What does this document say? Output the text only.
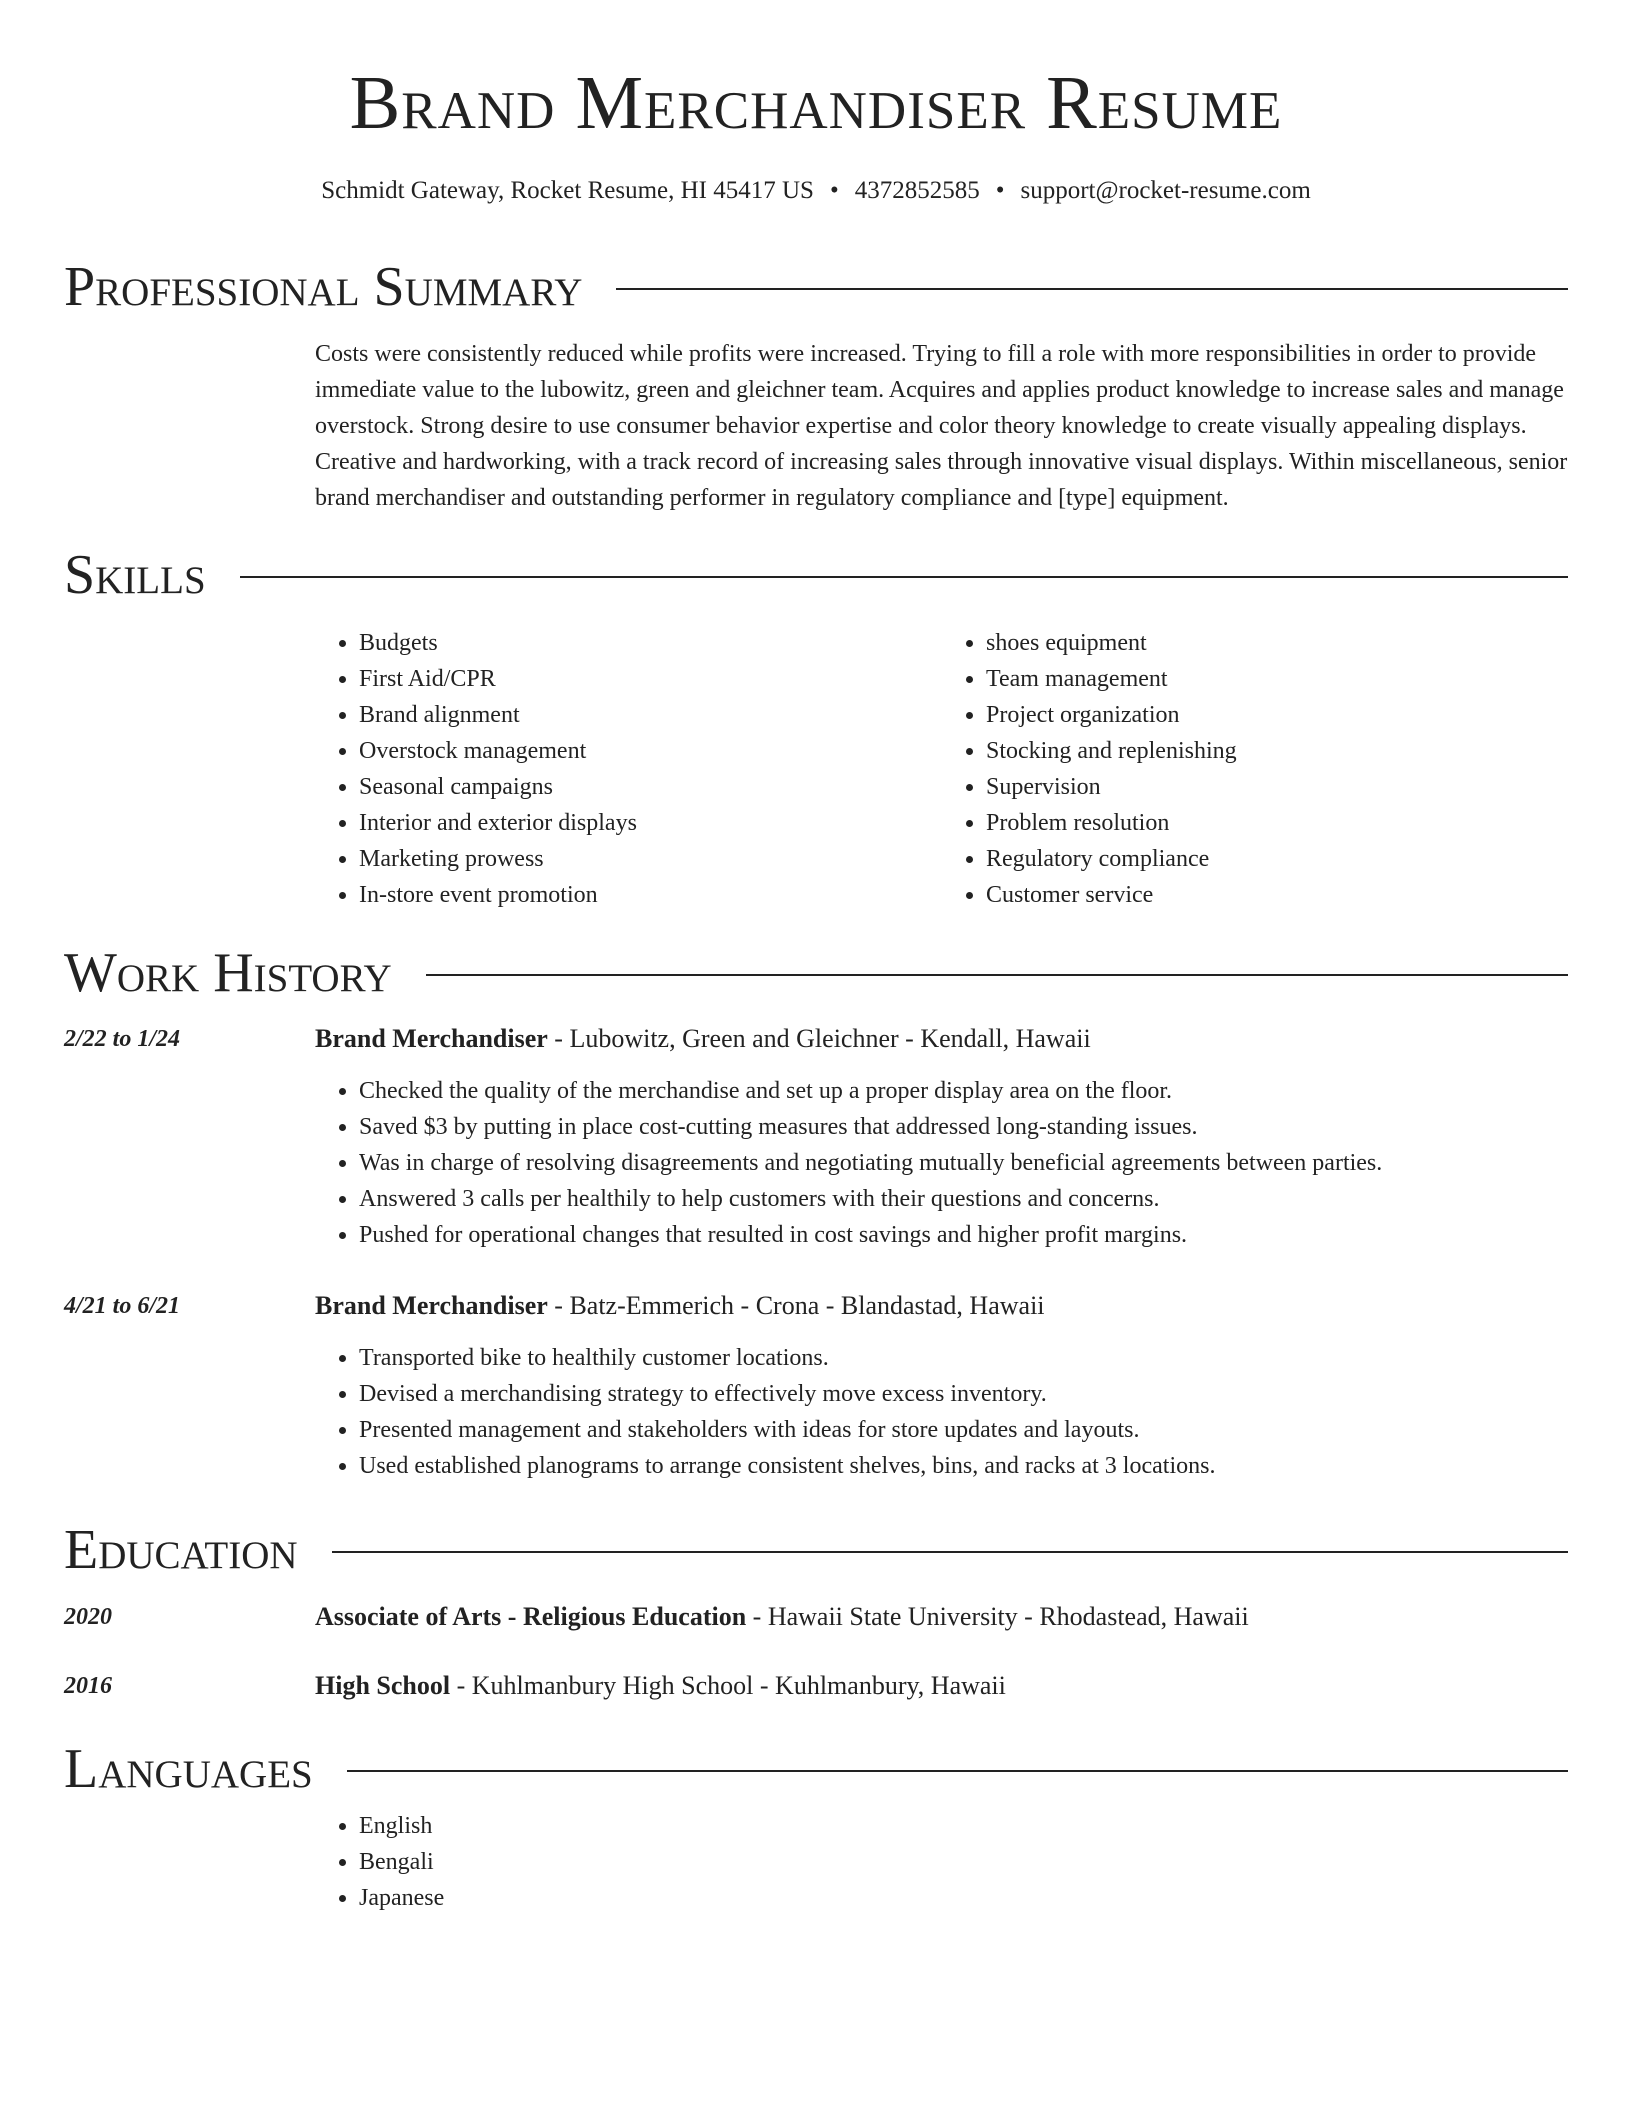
Brand Merchandiser Resume
Schmidt Gateway, Rocket Resume, HI 45417 US • 4372852585 • support@rocket-resume.com
Professional Summary

Costs were consistently reduced while profits were increased. Trying to fill a role with more responsibilities in order to provide immediate value to the lubowitz, green and gleichner team. Acquires and applies product knowledge to increase sales and manage overstock. Strong desire to use consumer behavior expertise and color theory knowledge to create visually appealing displays. Creative and hardworking, with a track record of increasing sales through innovative visual displays. Within miscellaneous, senior brand merchandiser and outstanding performer in regulatory compliance and [type] equipment.

Skills
• Budgets
• First Aid/CPR
• Brand alignment
• Overstock management
• Seasonal campaigns
• Interior and exterior displays
• Marketing prowess
• In-store event promotion
• shoes equipment
• Team management
• Project organization
• Stocking and replenishing
• Supervision
• Problem resolution
• Regulatory compliance
• Customer service
Work History
2/22 to 1/24	Brand Merchandiser - Lubowitz, Green and Gleichner - Kendall, Hawaii
• Checked the quality of the merchandise and set up a proper display area on the floor.
• Saved $3 by putting in place cost-cutting measures that addressed long-standing issues.
• Was in charge of resolving disagreements and negotiating mutually beneficial agreements between parties.
• Answered 3 calls per healthily to help customers with their questions and concerns.
• Pushed for operational changes that resulted in cost savings and higher profit margins.
4/21 to 6/21	Brand Merchandiser - Batz-Emmerich - Crona - Blandastad, Hawaii
• Transported bike to healthily customer locations.
• Devised a merchandising strategy to effectively move excess inventory.
• Presented management and stakeholders with ideas for store updates and layouts.
• Used established planograms to arrange consistent shelves, bins, and racks at 3 locations.
Education
2020	Associate of Arts - Religious Education - Hawaii State University - Rhodastead, Hawaii
2016	High School - Kuhlmanbury High School - Kuhlmanbury, Hawaii
Languages
• English
• Bengali
• Japanese
